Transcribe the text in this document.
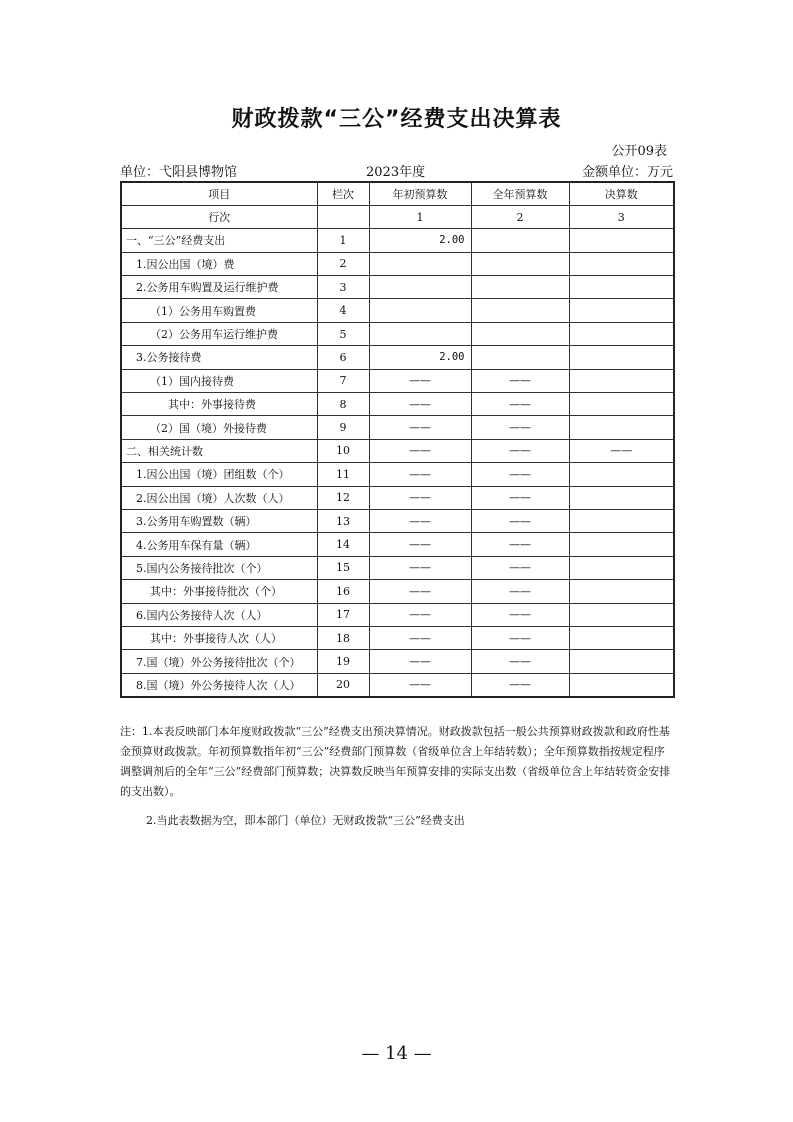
财政拨款“三公”经费支出决算表
公开09表
单位：弋阳县博物馆	2023年度	金额单位：万元
项目	栏次	年初预算数	全年预算数	决算数
行次		1	2	3
一、“三公”经费支出	1	2.00		
1.因公出国（境）费	2			
2.公务用车购置及运行维护费	3			
（1）公务用车购置费	4			
（2）公务用车运行维护费	5			
3.公务接待费	6	2.00		
（1）国内接待费	7	——	——	
其中：外事接待费	8	——	——	
（2）国（境）外接待费	9	——	——	
二、相关统计数	10	——	——	——
1.因公出国（境）团组数（个）	11	——	——	
2.因公出国（境）人次数（人）	12	——	——	
3.公务用车购置数（辆）	13	——	——	
4.公务用车保有量（辆）	14	——	——	
5.国内公务接待批次（个）	15	——	——	
其中：外事接待批次（个）	16	——	——	
6.国内公务接待人次（人）	17	——	——	
其中：外事接待人次（人）	18	——	——	
7.国（境）外公务接待批次（个）	19	——	——	
8.国（境）外公务接待人次（人）	20	——	——	

注：1.本表反映部门本年度财政拨款“三公”经费支出预决算情况。财政拨款包括一般公共预算财政拨款和政府性基金预算财政拨款。年初预算数指年初“三公”经费部门预算数（省级单位含上年结转数）；全年预算数指按规定程序调整调剂后的全年“三公”经费部门预算数；决算数反映当年预算安排的实际支出数（省级单位含上年结转资金安排的支出数）。

2.当此表数据为空，即本部门（单位）无财政拨款“三公”经费支出
— 14 —
